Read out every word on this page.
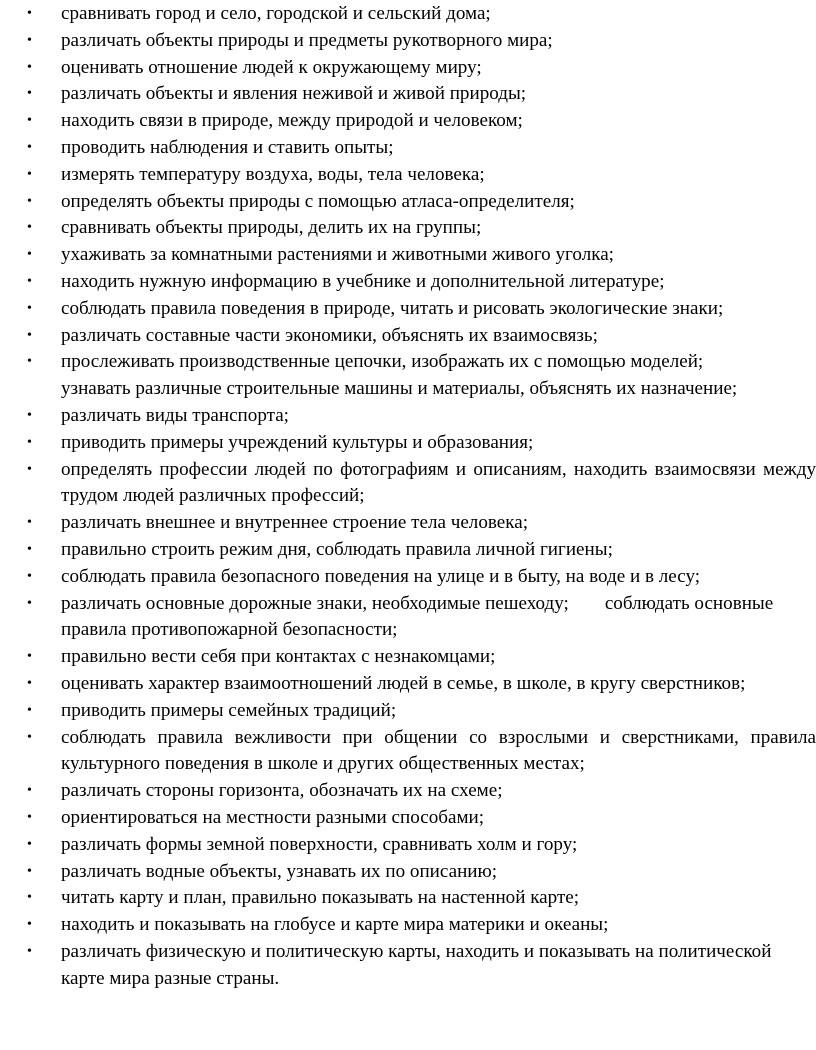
• сравнивать город и село, городской и сельский дома;
• различать объекты природы и предметы рукотворного мира;
• оценивать отношение людей к окружающему миру;
• различать объекты и явления неживой и живой природы;
• находить связи в природе, между природой и человеком;
• проводить наблюдения и ставить опыты;
• измерять температуру воздуха, воды, тела человека;
• определять объекты природы с помощью атласа-определителя;
• сравнивать объекты природы, делить их на группы;
• ухаживать за комнатными растениями и животными живого уголка;
• находить нужную информацию в учебнике и дополнительной литературе;
• соблюдать правила поведения в природе, читать и рисовать экологические знаки;
• различать составные части экономики, объяснять их взаимосвязь;
• прослеживать производственные цепочки, изображать их с помощью моделей;
узнавать различные строительные машины и материалы, объяснять их назначение;
• различать виды транспорта;
• приводить примеры учреждений культуры и образования;
• определять профессии людей по фотографиям и описаниям, находить взаимосвязи между трудом людей различных профессий;
• различать внешнее и внутреннее строение тела человека;
• правильно строить режим дня, соблюдать правила личной гигиены;
• соблюдать правила безопасного поведения на улице и в быту, на воде и в лесу;
• различать основные дорожные знаки, необходимые пешеходу; соблюдать основные правила противопожарной безопасности;
• правильно вести себя при контактах с незнакомцами;
• оценивать характер взаимоотношений людей в семье, в школе, в кругу сверстников;
• приводить примеры семейных традиций;
• соблюдать правила вежливости при общении со взрослыми и сверстниками, правила культурного поведения в школе и других общественных местах;
• различать стороны горизонта, обозначать их на схеме;
• ориентироваться на местности разными способами;
• различать формы земной поверхности, сравнивать холм и гору;
• различать водные объекты, узнавать их по описанию;
• читать карту и план, правильно показывать на настенной карте;
• находить и показывать на глобусе и карте мира материки и океаны;
• различать физическую и политическую карты, находить и показывать на политической карте мира разные страны.
